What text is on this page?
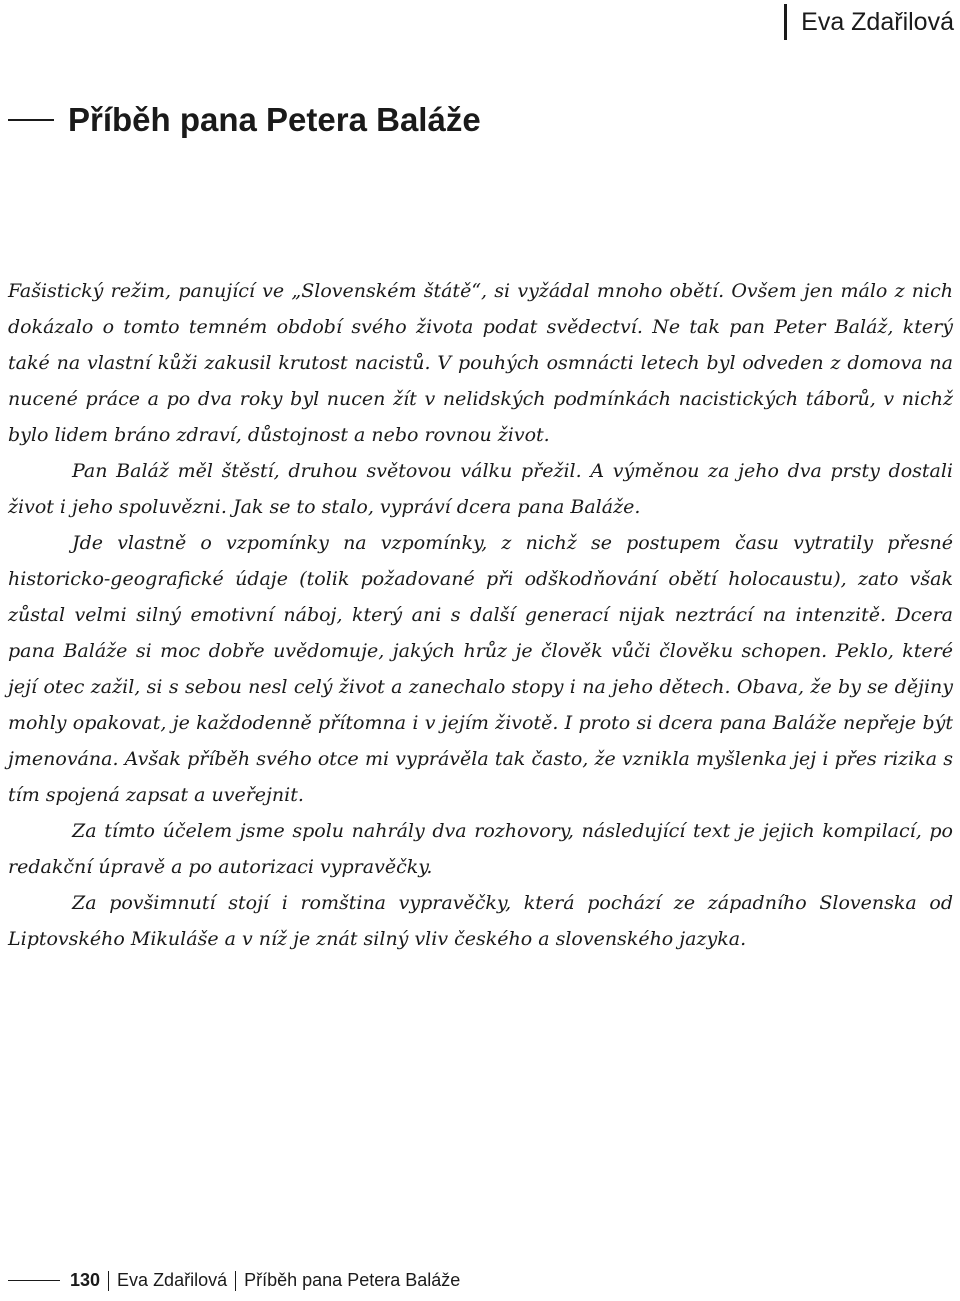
Eva Zdařilová
Příběh pana Petera Baláže

Fašistický režim, panující ve „Slovenském štátě“, si vyžádal mnoho obětí. Ovšem jen málo z nich dokázalo o tomto temném období svého života podat svědectví. Ne tak pan Peter Baláž, který také na vlastní kůži zakusil krutost nacistů. V pouhých osmnácti letech byl odveden z domova na nucené práce a po dva roky byl nucen žít v nelidských podmínkách nacistických táborů, v nichž bylo lidem bráno zdraví, důstojnost a nebo rovnou život.

Pan Baláž měl štěstí, druhou světovou válku přežil. A výměnou za jeho dva prsty dostali život i jeho spoluvězni. Jak se to stalo, vypráví dcera pana Baláže.

Jde vlastně o vzpomínky na vzpomínky, z nichž se postupem času vytratily přesné historicko-geografické údaje (tolik požadované při odškodňování obětí holocaustu), zato však zůstal velmi silný emotivní náboj, který ani s další generací nijak neztrácí na intenzitě. Dcera pana Baláže si moc dobře uvědomuje, jakých hrůz je člověk vůči člověku schopen. Peklo, které její otec zažil, si s sebou nesl celý život a zanechalo stopy i na jeho dětech. Obava, že by se dějiny mohly opakovat, je každodenně přítomna i v jejím životě. I proto si dcera pana Baláže nepřeje být jmenována. Avšak příběh svého otce mi vyprávěla tak často, že vznikla myšlenka jej i přes rizika s tím spojená zapsat a uveřejnit.

Za tímto účelem jsme spolu nahrály dva rozhovory, následující text je jejich kompilací, po redakční úpravě a po autorizaci vypravěčky.

Za povšimnutí stojí i romština vypravěčky, která pochází ze západního Slovenska od Liptovského Mikuláše a v níž je znát silný vliv českého a slovenského jazyka.

130 Eva Zdařilová Příběh pana Petera Baláže
